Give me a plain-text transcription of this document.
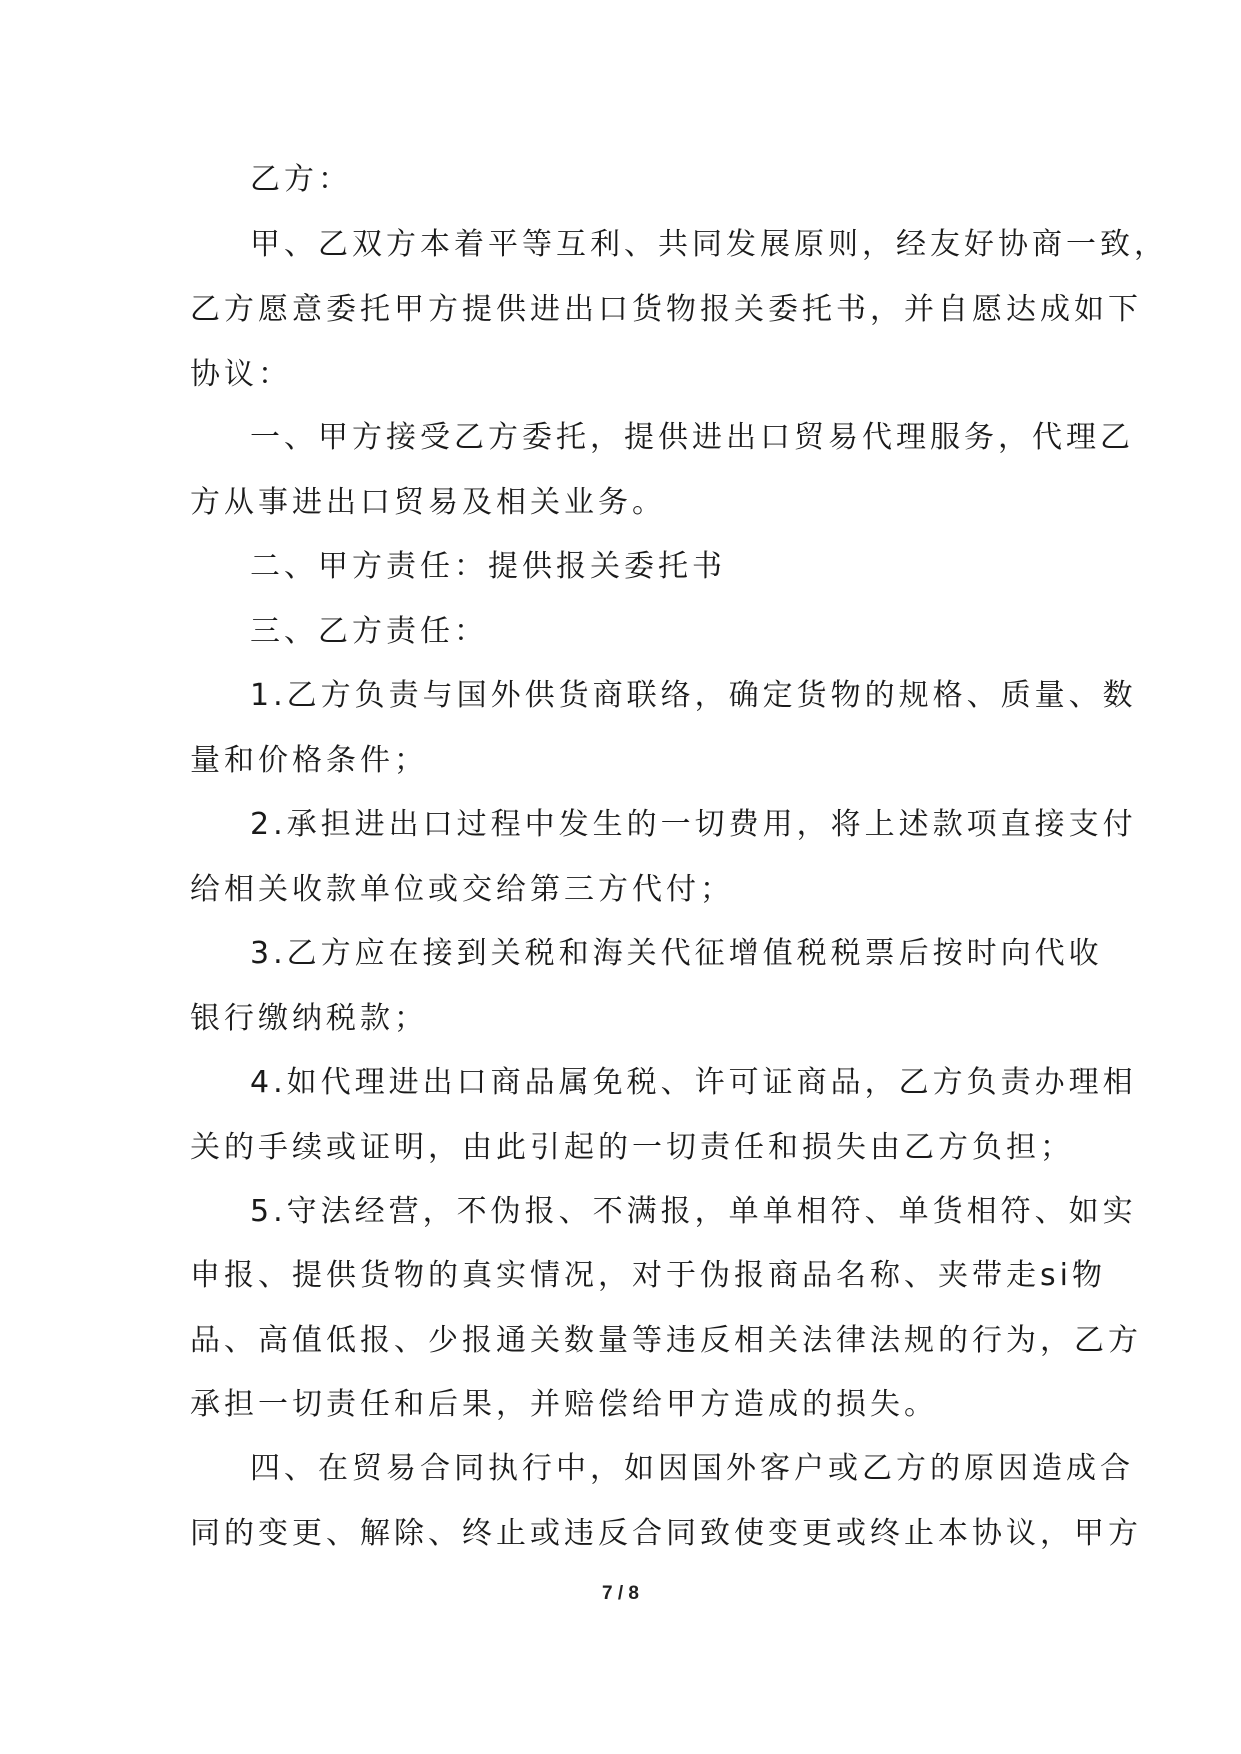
乙方：
甲、乙双方本着平等互利、共同发展原则，经友好协商一致，
乙方愿意委托甲方提供进出口货物报关委托书，并自愿达成如下
协议：
一、甲方接受乙方委托，提供进出口贸易代理服务，代理乙
方从事进出口贸易及相关业务。
二、甲方责任：提供报关委托书
三、乙方责任：
1.乙方负责与国外供货商联络，确定货物的规格、质量、数
量和价格条件；
2.承担进出口过程中发生的一切费用，将上述款项直接支付
给相关收款单位或交给第三方代付；
3.乙方应在接到关税和海关代征增值税税票后按时向代收
银行缴纳税款；
4.如代理进出口商品属免税、许可证商品，乙方负责办理相
关的手续或证明，由此引起的一切责任和损失由乙方负担；
5.守法经营，不伪报、不满报，单单相符、单货相符、如实
申报、提供货物的真实情况，对于伪报商品名称、夹带走si物
品、高值低报、少报通关数量等违反相关法律法规的行为，乙方
承担一切责任和后果，并赔偿给甲方造成的损失。
四、在贸易合同执行中，如因国外客户或乙方的原因造成合
同的变更、解除、终止或违反合同致使变更或终止本协议，甲方
7 / 8
